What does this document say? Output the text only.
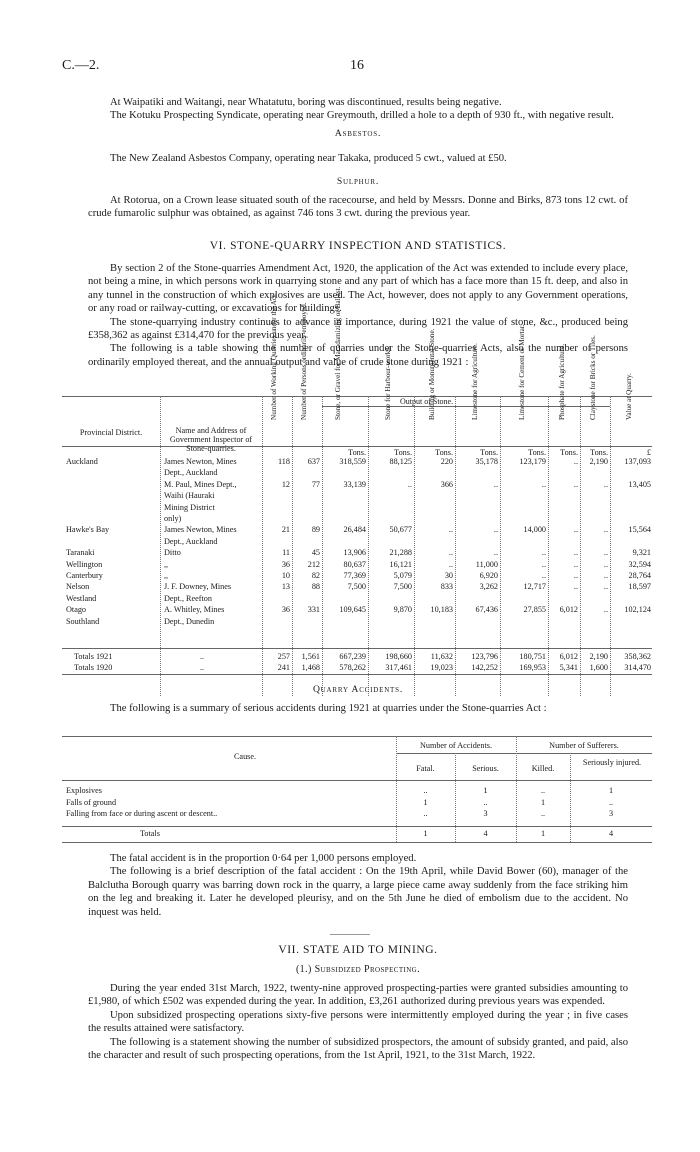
C.—2.	16

At Waipatiki and Waitangi, near Whatatutu, boring was discontinued, results being negative.

The Kotuku Prospecting Syndicate, operating near Greymouth, drilled a hole to a depth of 930 ft., with negative result.

Asbestos.

The New Zealand Asbestos Company, operating near Takaka, produced 5 cwt., valued at £50.

Sulphur.

At Rotorua, on a Crown lease situated south of the racecourse, and held by Messrs. Donne and Birks, 873 tons 12 cwt. of crude fumarolic sulphur was obtained, as against 746 tons 3 cwt. during the previous year.

VI. STONE-QUARRY INSPECTION AND STATISTICS.

By section 2 of the Stone-quarries Amendment Act, 1920, the application of the Act was extended to include every place, not being a mine, in which persons work in quarrying stone and any part of which has a face more than 15 ft. deep, and also in any tunnel in the construction of which explosives are used. The Act, however, does not apply to any Government operations, or any road or railway-cutting, or excavations for buildings.

The stone-quarrying industry continues to advance in importance, during 1921 the value of stone, &c., produced being £358,362 as against £314,470 for the previous year.

The following is a table showing the number of quarries under the Stone-quarries Acts, also the number of persons ordinarily employed thereat, and the annual output and value of crude stone during 1921 :

Output of Stone.
Provincial District.	Name and Address of Government Inspector of Stone-quarries.
Number of Working Quarries under the Act.	Number of Persons ordinarily employed.	Stone, or Gravel for Macadamizing or Ballast.	Stone for Harbour-works.	Building or Monumental Stone.	Limestone for Agriculture.	Limestone for Cement or Mortar.	Phosphate for Agriculture.	Claystone for Bricks or Tiles.	Value at Quarry.
Tons.	Tons.	Tons.	Tons.	Tons.	Tons.	Tons.	£
Auckland	James Newton, Mines	118	637	318,559	88,125	220	35,178	123,179	..	2,190	137,093
Dept., Auckland
M. Paul, Mines Dept.,	12	77	33,139	..	366	..	..	..	..	13,405
Waihi (Hauraki
Mining District
only)
Hawke's Bay	James Newton, Mines	21	89	26,484	50,677	..	..	14,000	..	..	15,564
Dept., Auckland
Taranaki	Ditto	11	45	13,906	21,288	..	..	..	..	..	9,321
Wellington	,,	36	212	80,637	16,121	..	11,000	..	..	..	32,594
Canterbury	,,	10	82	77,369	5,079	30	6,920	..	..	..	28,764
Nelson	J. F. Downey, Mines	13	88	7,500	7,500	833	3,262	12,717	..	..	18,597
Westland	Dept., Reefton
Otago	A. Whitley, Mines	36	331	109,645	9,870	10,183	67,436	27,855	6,012	..	102,124
Southland	Dept., Dunedin
Totals 1921	..	257	1,561	667,239	198,660	11,632	123,796	180,751	6,012	2,190	358,362
Totals 1920	..	241	1,468	578,262	317,461	19,023	142,252	169,953	5,341	1,600	314,470
Quarry Accidents.

The following is a summary of serious accidents during 1921 at quarries under the Stone-quarries Act :

Cause.
Number of Accidents.	Number of Sufferers.
Fatal.	Serious.	Killed.
Seriously injured.
Explosives	..	1	..	1
Falls of ground	1	..	1	..
Falling from face or during ascent or descent..	..	3	..	3
Totals	1	4	1	4

The fatal accident is in the proportion 0·64 per 1,000 persons employed.

The following is a brief description of the fatal accident : On the 19th April, while David Bower (60), manager of the Balclutha Borough quarry was barring down rock in the quarry, a large piece came away suddenly from the face striking him on the leg and breaking it. Later he developed pleurisy, and on the 5th June he died of embolism due to the accident. No inquest was held.

VII. STATE AID TO MINING.
(1.) Subsidized Prospecting.

During the year ended 31st March, 1922, twenty-nine approved prospecting-parties were granted subsidies amounting to £1,980, of which £502 was expended during the year. In addition, £3,261 authorized during previous years was expended.

Upon subsidized prospecting operations sixty-five persons were intermittently employed during the year ; in five cases the results attained were satisfactory.

The following is a statement showing the number of subsidized prospectors, the amount of subsidy granted, and paid, also the character and result of such prospecting operations, from the 1st April, 1921, to the 31st March, 1922.
